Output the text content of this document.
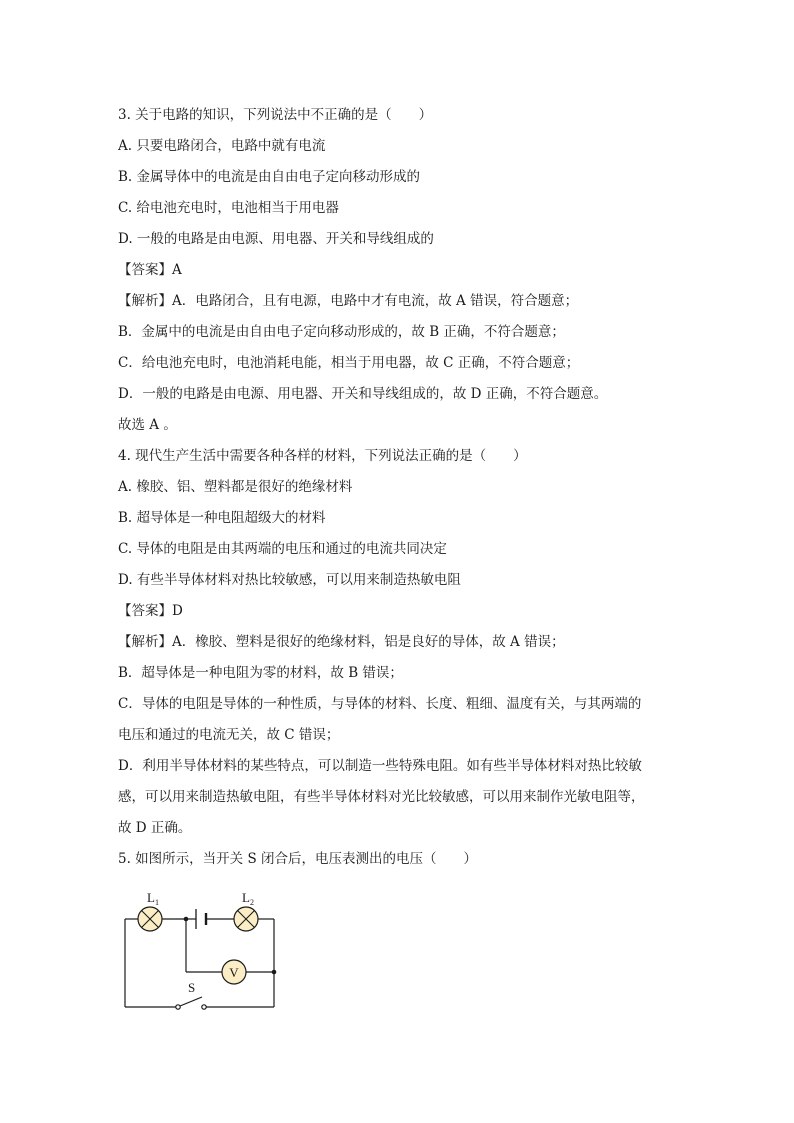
3. 关于电路的知识，下列说法中不正确的是（　　）
A. 只要电路闭合，电路中就有电流
B. 金属导体中的电流是由自由电子定向移动形成的
C. 给电池充电时，电池相当于用电器
D. 一般的电路是由电源、用电器、开关和导线组成的
【答案】A
【解析】A．电路闭合，且有电源，电路中才有电流，故 A 错误，符合题意；
B．金属中的电流是由自由电子定向移动形成的，故 B 正确，不符合题意；
C．给电池充电时，电池消耗电能，相当于用电器，故 C 正确，不符合题意；
D．一般的电路是由电源、用电器、开关和导线组成的，故 D 正确，不符合题意。
故选 A 。
4. 现代生产生活中需要各种各样的材料，下列说法正确的是（　　）
A. 橡胶、铝、塑料都是很好的绝缘材料
B. 超导体是一种电阻超级大的材料
C. 导体的电阻是由其两端的电压和通过的电流共同决定
D. 有些半导体材料对热比较敏感，可以用来制造热敏电阻
【答案】D
【解析】A．橡胶、塑料是很好的绝缘材料，铝是良好的导体，故 A 错误；
B．超导体是一种电阻为零的材料，故 B 错误；
C．导体的电阻是导体的一种性质，与导体的材料、长度、粗细、温度有关，与其两端的
电压和通过的电流无关，故 C 错误；
D．利用半导体材料的某些特点，可以制造一些特殊电阻。如有些半导体材料对热比较敏
感，可以用来制造热敏电阻，有些半导体材料对光比较敏感，可以用来制作光敏电阻等，
故 D 正确。
5. 如图所示，当开关 S 闭合后，电压表测出的电压（　　）
$L_1$	$L_2$
V
S
